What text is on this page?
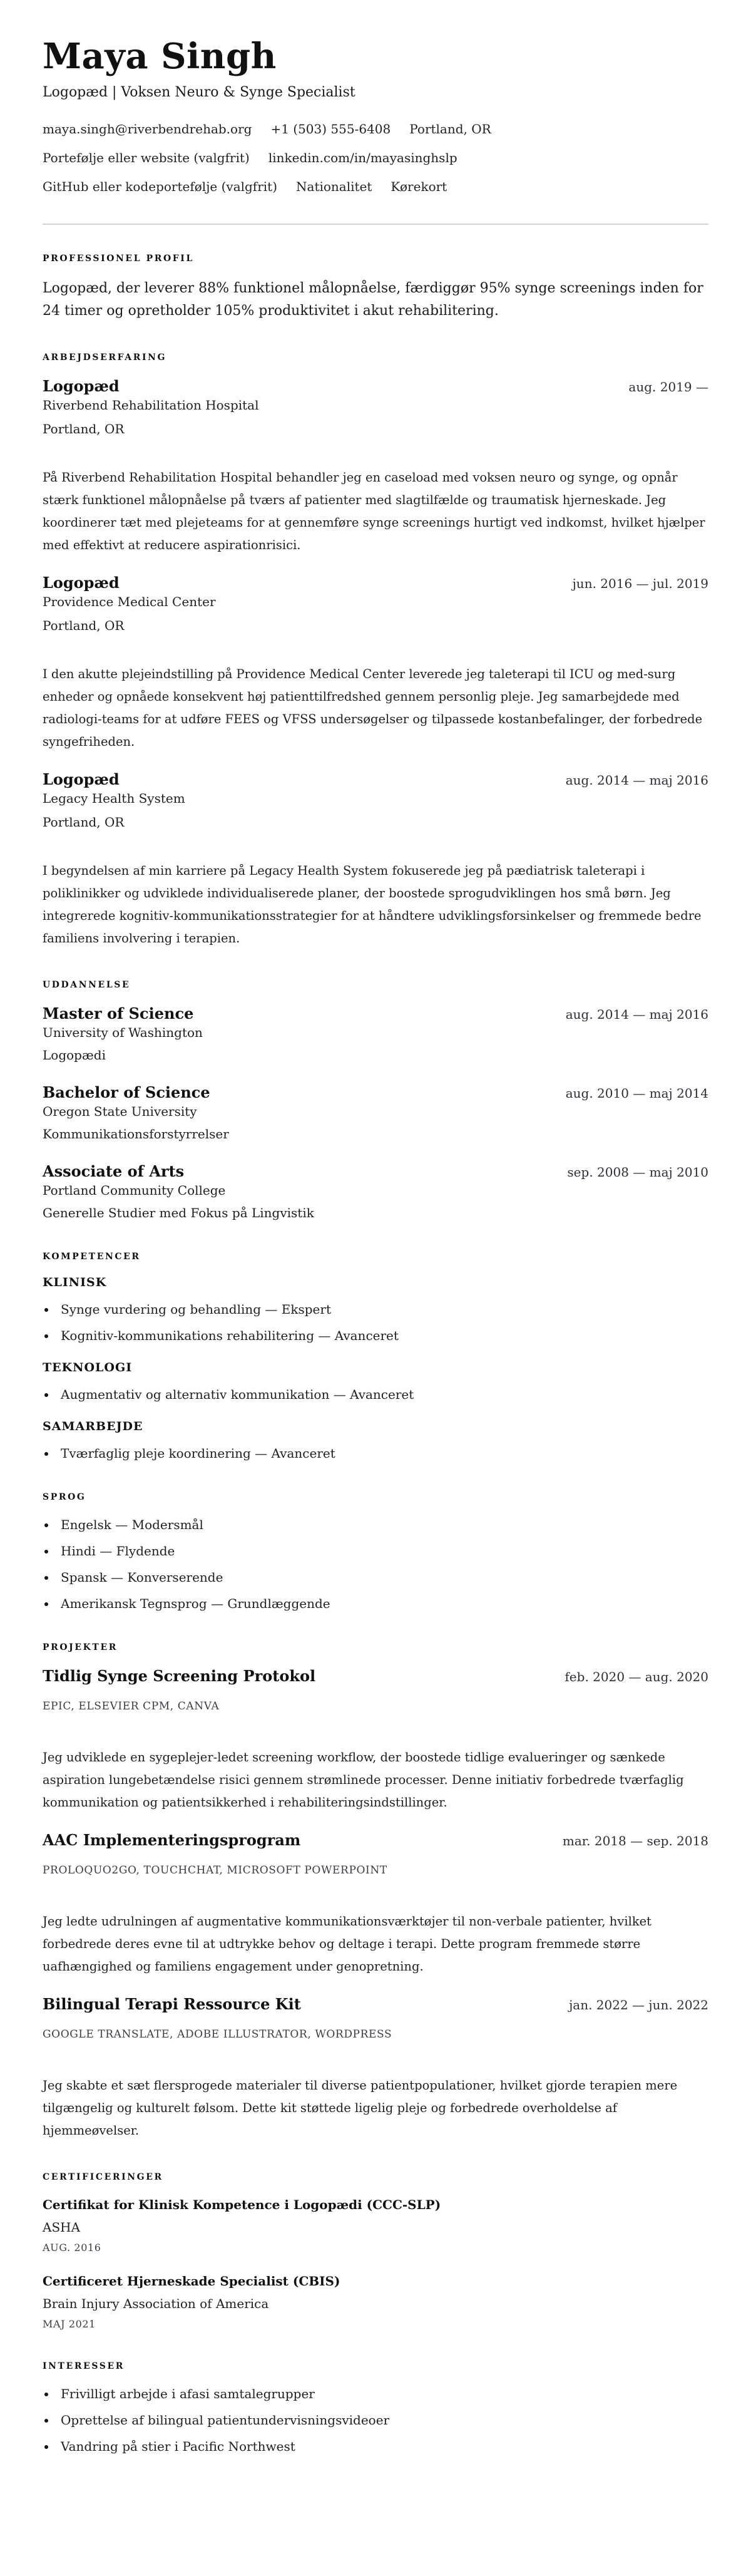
Maya Singh
Logopæd | Voksen Neuro & Synge Specialist
maya.singh@riverbendrehab.org +1 (503) 555-6408 Portland, OR
Portefølje eller website (valgfrit) linkedin.com/in/mayasinghslp
GitHub eller kodeportefølje (valgfrit) Nationalitet Kørekort
PROFESSIONEL PROFIL

Logopæd, der leverer 88% funktionel målopnåelse, færdiggør 95% synge screenings inden for 24 timer og opretholder 105% produktivitet i akut rehabilitering.

ARBEJDSERFARING
Logopæd	aug. 2019 —
Riverbend Rehabilitation Hospital
Portland, OR

På Riverbend Rehabilitation Hospital behandler jeg en caseload med voksen neuro og synge, og opnår stærk funktionel målopnåelse på tværs af patienter med slagtilfælde og traumatisk hjerneskade. Jeg koordinerer tæt med plejeteams for at gennemføre synge screenings hurtigt ved indkomst, hvilket hjælper med effektivt at reducere aspirationrisici.

Logopæd	jun. 2016 — jul. 2019
Providence Medical Center
Portland, OR

I den akutte plejeindstilling på Providence Medical Center leverede jeg taleterapi til ICU og med-surg enheder og opnåede konsekvent høj patienttilfredshed gennem personlig pleje. Jeg samarbejdede med radiologi-teams for at udføre FEES og VFSS undersøgelser og tilpassede kostanbefalinger, der forbedrede syngefriheden.

Logopæd	aug. 2014 — maj 2016
Legacy Health System
Portland, OR

I begyndelsen af min karriere på Legacy Health System fokuserede jeg på pædiatrisk taleterapi i poliklinikker og udviklede individualiserede planer, der boostede sprogudviklingen hos små børn. Jeg integrerede kognitiv-kommunikationsstrategier for at håndtere udviklingsforsinkelser og fremmede bedre familiens involvering i terapien.

UDDANNELSE
Master of Science	aug. 2014 — maj 2016
University of Washington
Logopædi
Bachelor of Science	aug. 2010 — maj 2014
Oregon State University
Kommunikationsforstyrrelser
Associate of Arts	sep. 2008 — maj 2010
Portland Community College
Generelle Studier med Fokus på Lingvistik
KOMPETENCER
KLINISK
Synge vurdering og behandling — Ekspert
Kognitiv-kommunikations rehabilitering — Avanceret
TEKNOLOGI
Augmentativ og alternativ kommunikation — Avanceret
SAMARBEJDE
Tværfaglig pleje koordinering — Avanceret
SPROG
Engelsk — Modersmål
Hindi — Flydende
Spansk — Konverserende
Amerikansk Tegnsprog — Grundlæggende
PROJEKTER
Tidlig Synge Screening Protokol	feb. 2020 — aug. 2020
EPIC, ELSEVIER CPM, CANVA

Jeg udviklede en sygeplejer-ledet screening workflow, der boostede tidlige evalueringer og sænkede aspiration lungebetændelse risici gennem strømlinede processer. Denne initiativ forbedrede tværfaglig kommunikation og patientsikkerhed i rehabiliteringsindstillinger.

AAC Implementeringsprogram	mar. 2018 — sep. 2018
PROLOQUO2GO, TOUCHCHAT, MICROSOFT POWERPOINT

Jeg ledte udrulningen af augmentative kommunikationsværktøjer til non-verbale patienter, hvilket forbedrede deres evne til at udtrykke behov og deltage i terapi. Dette program fremmede større uafhængighed og familiens engagement under genopretning.

Bilingual Terapi Ressource Kit	jan. 2022 — jun. 2022
GOOGLE TRANSLATE, ADOBE ILLUSTRATOR, WORDPRESS

Jeg skabte et sæt flersprogede materialer til diverse patientpopulationer, hvilket gjorde terapien mere tilgængelig og kulturelt følsom. Dette kit støttede ligelig pleje og forbedrede overholdelse af hjemmeøvelser.

CERTIFICERINGER
Certifikat for Klinisk Kompetence i Logopædi (CCC-SLP)
ASHA
AUG. 2016
Certificeret Hjerneskade Specialist (CBIS)
Brain Injury Association of America
MAJ 2021
INTERESSER
Frivilligt arbejde i afasi samtalegrupper
Oprettelse af bilingual patientundervisningsvideoer
Vandring på stier i Pacific Northwest
